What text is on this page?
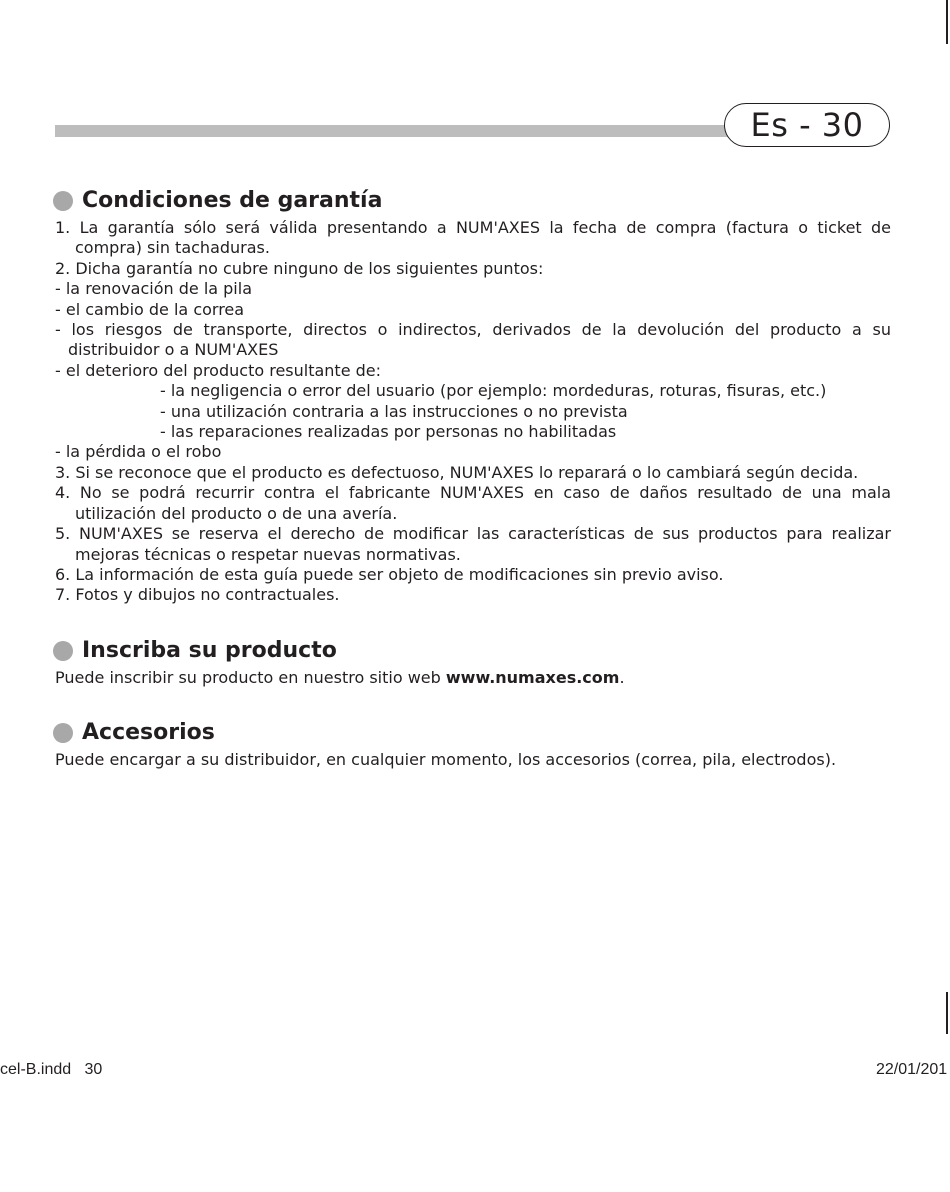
Es - 30
Condiciones de garantía
1. La garantía sólo será válida presentando a NUM'AXES la fecha de compra (factura o ticket de compra) sin tachaduras.
2. Dicha garantía no cubre ninguno de los siguientes puntos:
- la renovación de la pila
- el cambio de la correa
- los riesgos de transporte, directos o indirectos, derivados de la devolución del producto a su distribuidor o a NUM'AXES
- el deterioro del producto resultante de:
- la negligencia o error del usuario (por ejemplo: mordeduras, roturas, fisuras, etc.)
- una utilización contraria a las instrucciones o no prevista
- las reparaciones realizadas por personas no habilitadas
- la pérdida o el robo
3. Si se reconoce que el producto es defectuoso, NUM'AXES lo reparará o lo cambiará según decida.
4. No se podrá recurrir contra el fabricante NUM'AXES en caso de daños resultado de una mala utilización del producto o de una avería.
5. NUM'AXES se reserva el derecho de modificar las características de sus productos para realizar mejoras técnicas o respetar nuevas normativas.
6. La información de esta guía puede ser objeto de modificaciones sin previo aviso.
7. Fotos y dibujos no contractuales.
Inscriba su producto
Puede inscribir su producto en nuestro sitio web www.numaxes.com.
Accesorios
Puede encargar a su distribuidor, en cualquier momento, los accesorios (correa, pila, electrodos).
cel-B.indd   30	22/01/201
